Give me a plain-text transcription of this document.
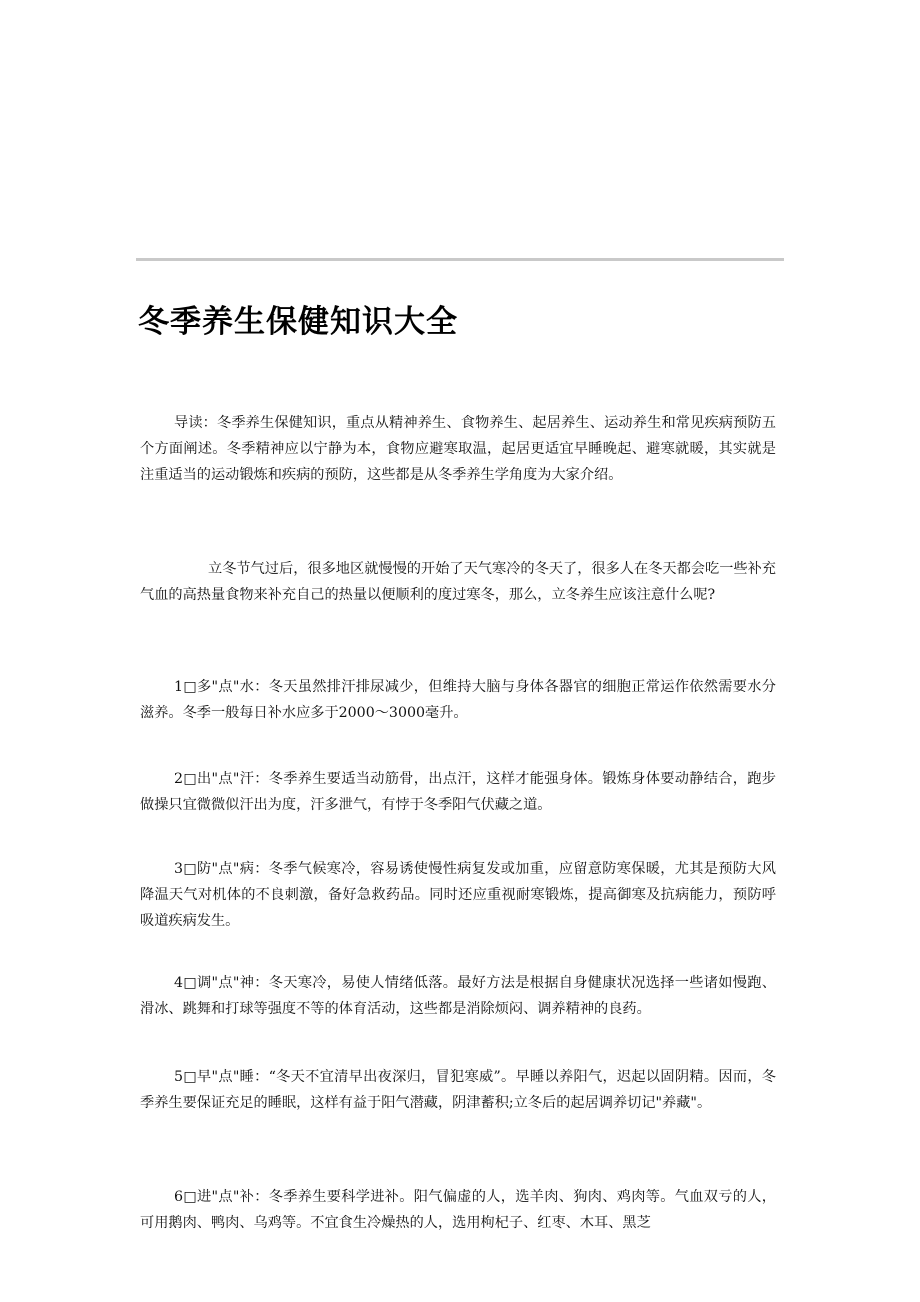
冬季养生保健知识大全

导读：冬季养生保健知识，重点从精神养生、食物养生、起居养生、运动养生和常见疾病预防五个方面阐述。冬季精神应以宁静为本，食物应避寒取温，起居更适宜早睡晚起、避寒就暖，其实就是注重适当的运动锻炼和疾病的预防，这些都是从冬季养生学角度为大家介绍。

立冬节气过后，很多地区就慢慢的开始了天气寒冷的冬天了，很多人在冬天都会吃一些补充气血的高热量食物来补充自己的热量以便顺利的度过寒冬，那么，立冬养生应该注意什么呢?

1□多"点"水：冬天虽然排汗排尿减少，但维持大脑与身体各器官的细胞正常运作依然需要水分滋养。冬季一般每日补水应多于2000～3000毫升。

2□出"点"汗：冬季养生要适当动筋骨，出点汗，这样才能强身体。锻炼身体要动静结合，跑步做操只宜微微似汗出为度，汗多泄气，有悖于冬季阳气伏藏之道。

3□防"点"病：冬季气候寒冷，容易诱使慢性病复发或加重，应留意防寒保暖，尤其是预防大风降温天气对机体的不良刺激，备好急救药品。同时还应重视耐寒锻炼，提高御寒及抗病能力，预防呼吸道疾病发生。

4□调"点"神：冬天寒冷，易使人情绪低落。最好方法是根据自身健康状况选择一些诸如慢跑、滑冰、跳舞和打球等强度不等的体育活动，这些都是消除烦闷、调养精神的良药。

5□早"点"睡：“冬天不宜清早出夜深归，冒犯寒威”。早睡以养阳气，迟起以固阴精。因而，冬季养生要保证充足的睡眠，这样有益于阳气潜藏，阴津蓄积;立冬后的起居调养切记"养藏"。

6□进"点"补：冬季养生要科学进补。阳气偏虚的人，选羊肉、狗肉、鸡肉等。气血双亏的人，可用鹅肉、鸭肉、乌鸡等。不宜食生冷燥热的人，选用枸杞子、红枣、木耳、黑芝
